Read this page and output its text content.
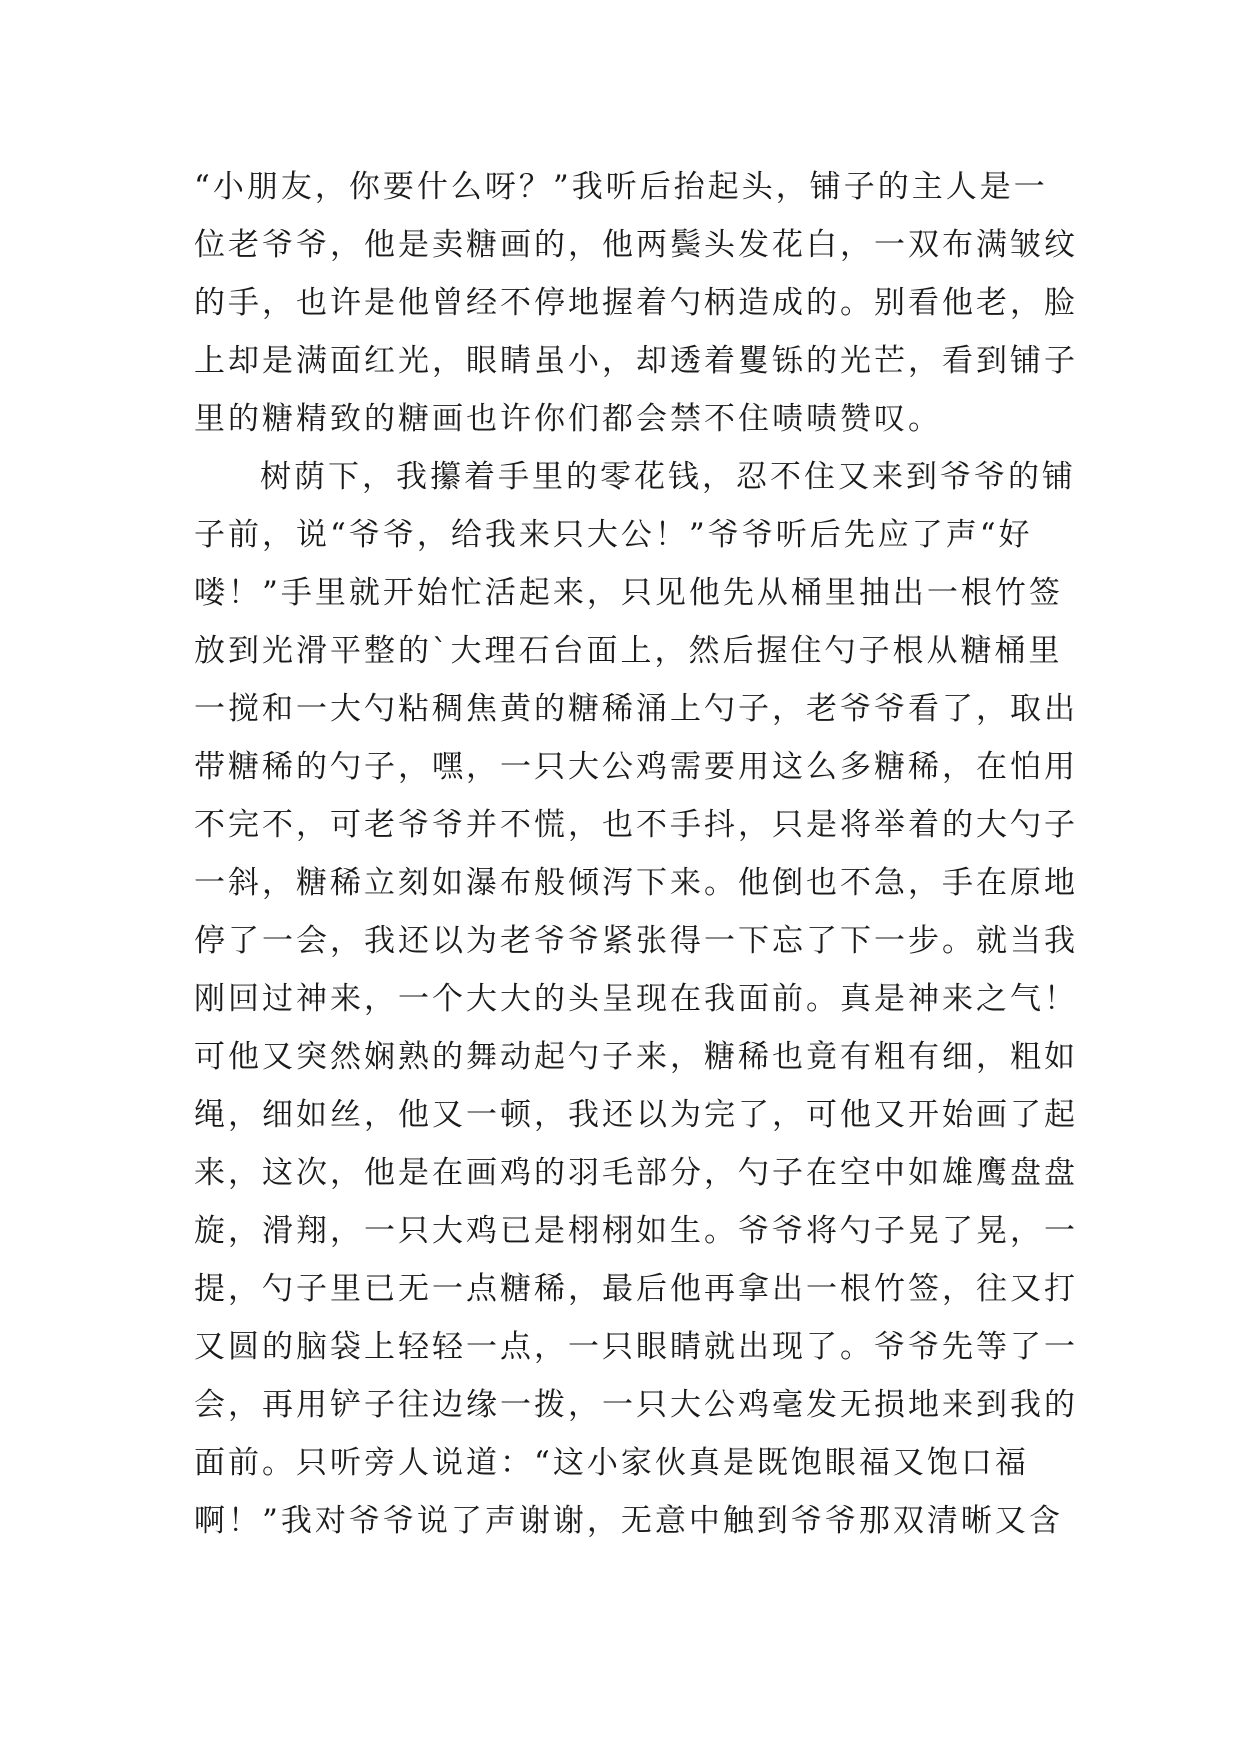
“小朋友，你要什么呀？”我听后抬起头，铺子的主人是一
位老爷爷，他是卖糖画的，他两鬓头发花白，一双布满皱纹
的手，也许是他曾经不停地握着勺柄造成的。别看他老，脸
上却是满面红光，眼睛虽小，却透着矍铄的光芒，看到铺子
里的糖精致的糖画也许你们都会禁不住啧啧赞叹。
树荫下，我攥着手里的零花钱，忍不住又来到爷爷的铺
子前，说“爷爷，给我来只大公！”爷爷听后先应了声“好
喽！”手里就开始忙活起来，只见他先从桶里抽出一根竹签
放到光滑平整的`大理石台面上，然后握住勺子根从糖桶里
一搅和一大勺粘稠焦黄的糖稀涌上勺子，老爷爷看了，取出
带糖稀的勺子，嘿，一只大公鸡需要用这么多糖稀，在怕用
不完不，可老爷爷并不慌，也不手抖，只是将举着的大勺子
一斜，糖稀立刻如瀑布般倾泻下来。他倒也不急，手在原地
停了一会，我还以为老爷爷紧张得一下忘了下一步。就当我
刚回过神来，一个大大的头呈现在我面前。真是神来之气！
可他又突然娴熟的舞动起勺子来，糖稀也竟有粗有细，粗如
绳，细如丝，他又一顿，我还以为完了，可他又开始画了起
来，这次，他是在画鸡的羽毛部分，勺子在空中如雄鹰盘盘
旋，滑翔，一只大鸡已是栩栩如生。爷爷将勺子晃了晃，一
提，勺子里已无一点糖稀，最后他再拿出一根竹签，往又打
又圆的脑袋上轻轻一点，一只眼睛就出现了。爷爷先等了一
会，再用铲子往边缘一拨，一只大公鸡毫发无损地来到我的
面前。只听旁人说道：“这小家伙真是既饱眼福又饱口福
啊！”我对爷爷说了声谢谢，无意中触到爷爷那双清晰又含
